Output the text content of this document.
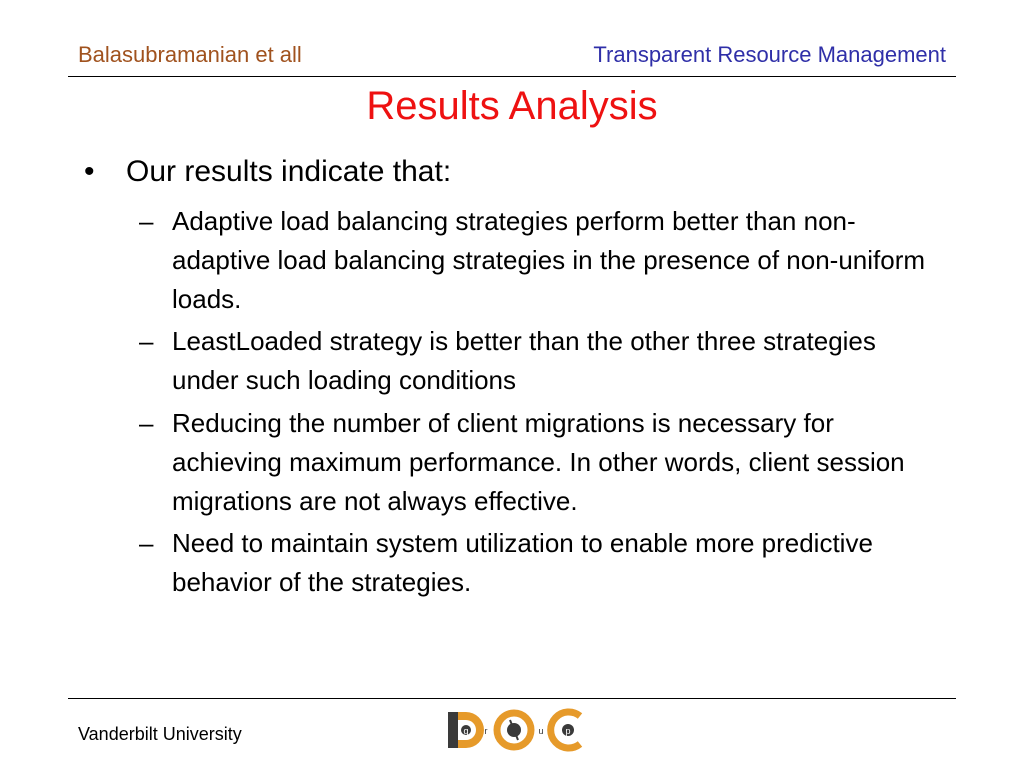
Balasubramanian et all	Transparent Resource Management
Results Analysis
• Our results indicate that:
– Adaptive load balancing strategies perform better than non-adaptive load balancing strategies in the presence of non-uniform loads.
– LeastLoaded strategy is better than the other three strategies under such loading conditions
– Reducing the number of client migrations is necessary for achieving maximum performance. In other words, client session migrations are not always effective.
– Need to maintain system utilization to enable more predictive behavior of the strategies.
Vanderbilt University	g r	u p
